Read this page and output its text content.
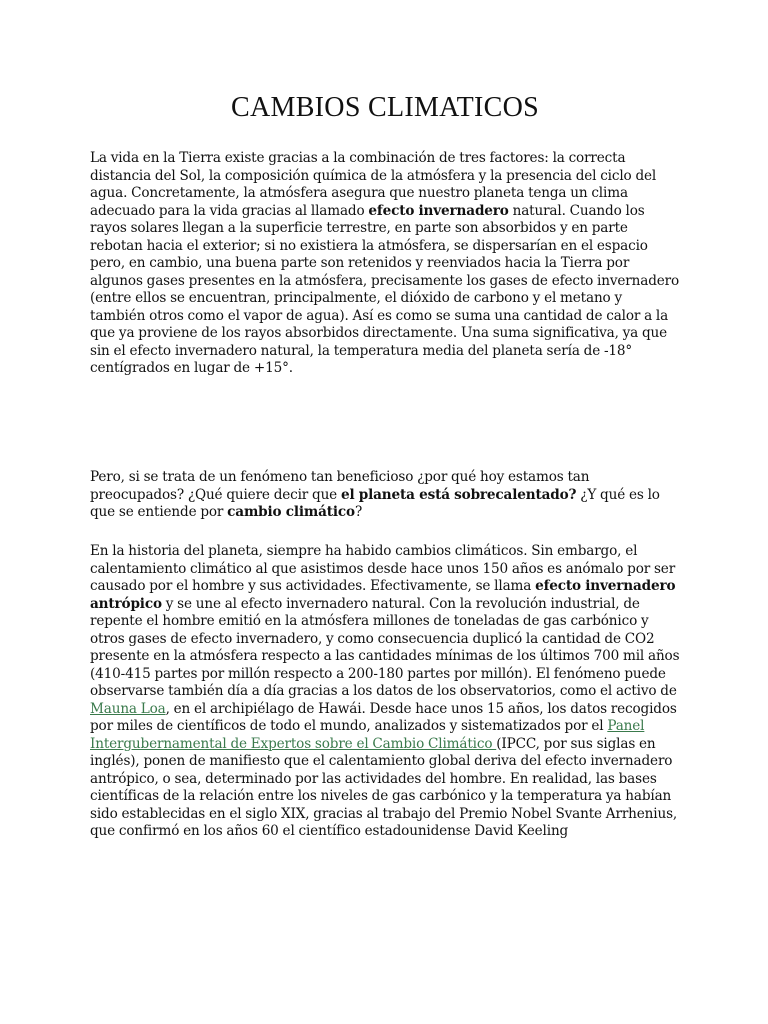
CAMBIOS CLIMATICOS

La vida en la Tierra existe gracias a la combinación de tres factores: la correcta distancia del Sol, la composición química de la atmósfera y la presencia del ciclo del agua. Concretamente, la atmósfera asegura que nuestro planeta tenga un clima adecuado para la vida gracias al llamado efecto invernadero natural. Cuando los rayos solares llegan a la superficie terrestre, en parte son absorbidos y en parte rebotan hacia el exterior; si no existiera la atmósfera, se dispersarían en el espacio pero, en cambio, una buena parte son retenidos y reenviados hacia la Tierra por algunos gases presentes en la atmósfera, precisamente los gases de efecto invernadero (entre ellos se encuentran, principalmente, el dióxido de carbono y el metano y también otros como el vapor de agua). Así es como se suma una cantidad de calor a la que ya proviene de los rayos absorbidos directamente. Una suma significativa, ya que sin el efecto invernadero natural, la temperatura media del planeta sería de -18° centígrados en lugar de +15°.

Pero, si se trata de un fenómeno tan beneficioso ¿por qué hoy estamos tan preocupados? ¿Qué quiere decir que el planeta está sobrecalentado? ¿Y qué es lo que se entiende por cambio climático?

En la historia del planeta, siempre ha habido cambios climáticos. Sin embargo, el calentamiento climático al que asistimos desde hace unos 150 años es anómalo por ser causado por el hombre y sus actividades. Efectivamente, se llama efecto invernadero antrópico y se une al efecto invernadero natural. Con la revolución industrial, de repente el hombre emitió en la atmósfera millones de toneladas de gas carbónico y otros gases de efecto invernadero, y como consecuencia duplicó la cantidad de CO2 presente en la atmósfera respecto a las cantidades mínimas de los últimos 700 mil años (410-415 partes por millón respecto a 200-180 partes por millón). El fenómeno puede observarse también día a día gracias a los datos de los observatorios, como el activo de Mauna Loa, en el archipiélago de Hawái. Desde hace unos 15 años, los datos recogidos por miles de científicos de todo el mundo, analizados y sistematizados por el Panel Intergubernamental de Expertos sobre el Cambio Climático (IPCC, por sus siglas en inglés), ponen de manifiesto que el calentamiento global deriva del efecto invernadero antrópico, o sea, determinado por las actividades del hombre. En realidad, las bases científicas de la relación entre los niveles de gas carbónico y la temperatura ya habían sido establecidas en el siglo XIX, gracias al trabajo del Premio Nobel Svante Arrhenius, que confirmó en los años 60 el científico estadounidense David Keeling
